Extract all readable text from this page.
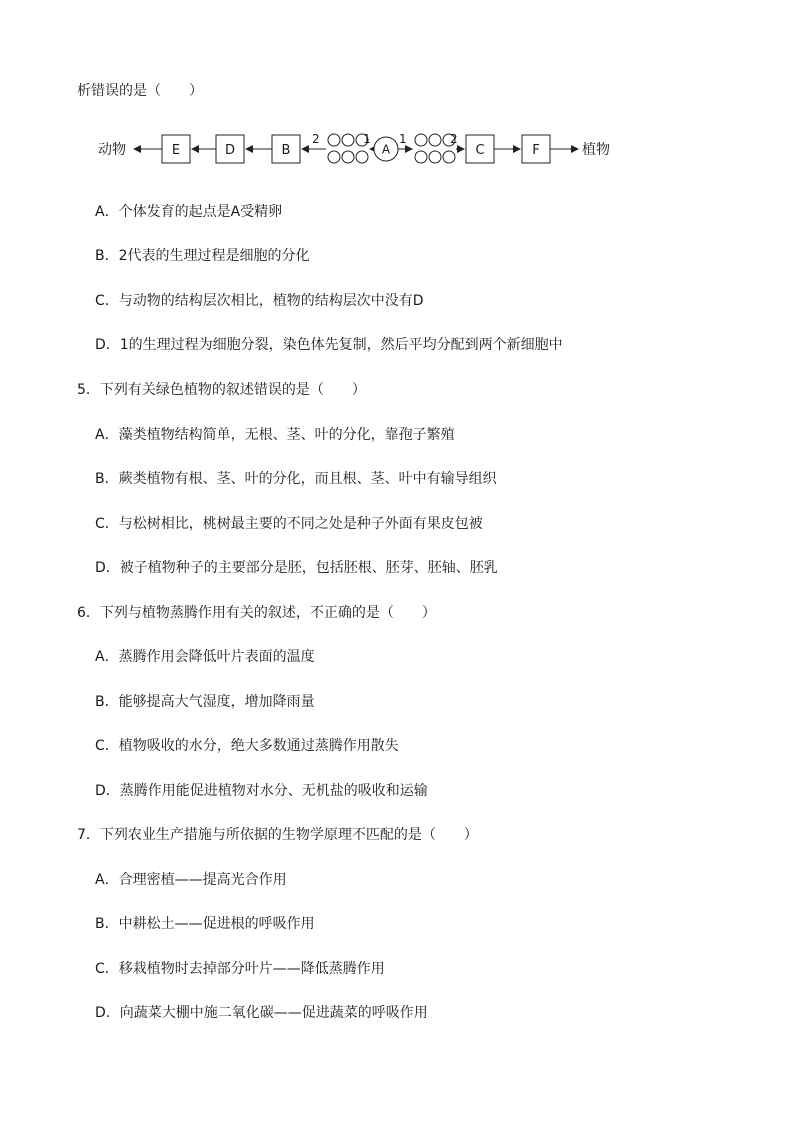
析错误的是（　　）
动物	E	D	B
2	1
A
1	2
C	F	植物
A．个体发育的起点是A受精卵
B．2代表的生理过程是细胞的分化
C．与动物的结构层次相比，植物的结构层次中没有D
D．1的生理过程为细胞分裂，染色体先复制，然后平均分配到两个新细胞中
5．下列有关绿色植物的叙述错误的是（　　）
A．藻类植物结构简单，无根、茎、叶的分化，靠孢子繁殖
B．蕨类植物有根、茎、叶的分化，而且根、茎、叶中有输导组织
C．与松树相比，桃树最主要的不同之处是种子外面有果皮包被
D．被子植物种子的主要部分是胚，包括胚根、胚芽、胚轴、胚乳
6．下列与植物蒸腾作用有关的叙述，不正确的是（　　）
A．蒸腾作用会降低叶片表面的温度
B．能够提高大气湿度，增加降雨量
C．植物吸收的水分，绝大多数通过蒸腾作用散失
D．蒸腾作用能促进植物对水分、无机盐的吸收和运输
7．下列农业生产措施与所依据的生物学原理不匹配的是（　　）
A．合理密植——提高光合作用
B．中耕松土——促进根的呼吸作用
C．移栽植物时去掉部分叶片——降低蒸腾作用
D．向蔬菜大棚中施二氧化碳——促进蔬菜的呼吸作用
